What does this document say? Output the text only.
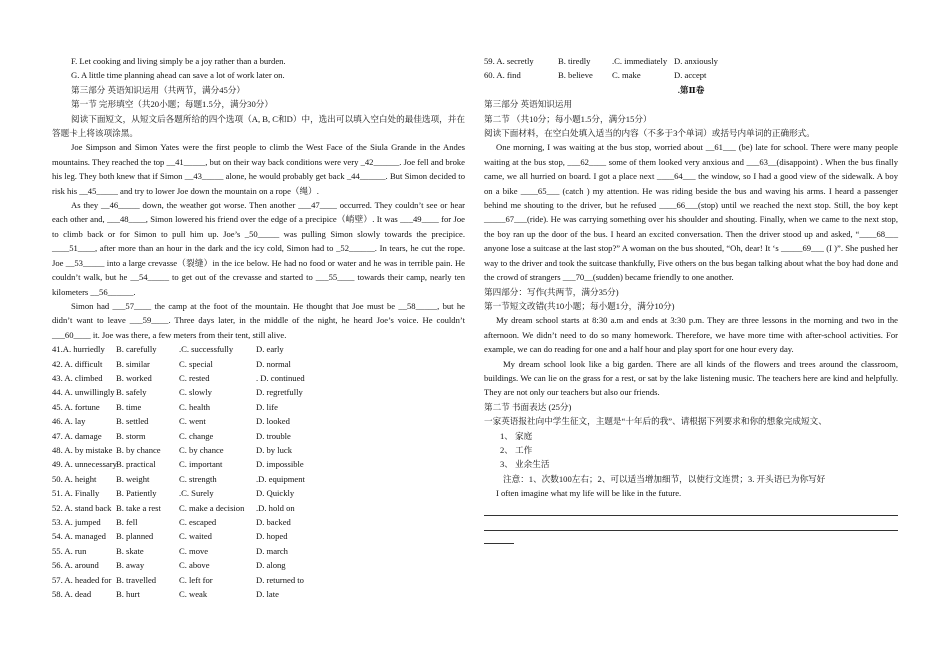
F. Let cooking and living simply be a joy rather than a burden.

G. A little time planning ahead can save a lot of work later on.

第三部分 英语知识运用（共两节，满分45分）

第一节 完形填空（共20小题；每题1.5分，满分30分）

阅读下面短文，从短文后各题所给的四个选项（A, B, C和D）中，选出可以填入空白处的最佳选项，并在答题卡上将该项涂黑。

Joe Simpson and Simon Yates were the first people to climb the West Face of the Siula Grande in the Andes mountains. They reached the top __41_____, but on their way back conditions were very _42______. Joe fell and broke his leg. They both knew that if Simon __43_____ alone, he would probably get back _44______. But Simon decided to risk his __45_____ and try to lower Joe down the mountain on a rope（绳）.

As they __46_____ down, the weather got worse. Then another ___47____ occurred. They couldn’t see or hear each other and, ___48____, Simon lowered his friend over the edge of a precipice（峭壁）. It was ___49____ for Joe to climb back or for Simon to pull him up. Joe’s _50_____ was pulling Simon slowly towards the precipice. ____51____, after more than an hour in the dark and the icy cold, Simon had to _52______. In tears, he cut the rope. Joe __53_____ into a large crevasse（裂缝）in the ice below. He had no food or water and he was in terrible pain. He couldn’t walk, but he __54_____ to get out of the crevasse and started to ___55____ towards their camp, nearly ten kilometers __56______.

Simon had ___57____ the camp at the foot of the mountain. He thought that Joe must be __58_____, but he didn’t want to leave ___59____. Three days later, in the middle of the night, he heard Joe’s voice. He couldn’t ___60____ it. Joe was there, a few meters from their tent, still alive.

41.A. hurriedly	B. carefully	.C. successfully	D. early
42. A. difficult	B. similar	C. special	D. normal
43. A. climbed	B. worked	C. rested	. D. continued
44. A. unwillingly B. safely	C. slowly	D. regretfully
45. A. fortune	B. time	C. health	D. life
46. A. lay	B. settled	C. went	D. looked
47. A. damage	B. storm	C. change	D. trouble
48. A. by mistake B. by chance	C. by chance	D. by luck
49. A. unnecessary B. practical	C. important	D. impossible
50. A. height	B. weight	C. strength	.D. equipment
51. A. Finally	B. Patiently	.C. Surely	D. Quickly
52. A. stand back B. take a rest	C. make a decision	.D. hold on
53. A. jumped	B. fell	C. escaped	D. backed
54. A. managed	B. planned	C. waited	D. hoped
55. A. run	B. skate	C. move	D. march
56. A. around	B. away	C. above	D. along
57. A. headed for B. travelled	C. left for	D. returned to
58. A. dead	B. hurt	C. weak	D. late
59. A. secretly	B. tiredly	.C. immediately D. anxiously
60. A. find	B. believe	C. make	D. accept

.第Ⅱ卷

第三部分 英语知识运用

第二节 （共10分；每小题1.5分，满分15分）

阅读下面材料，在空白处填入适当的内容（不多于3个单词）或括号内单词的正确形式。

One morning, I was waiting at the bus stop, worried about __61___ (be) late for school. There were many people waiting at the bus stop, ___62____ some of them looked very anxious and ___63__(disappoint) . When the bus finally came, we all hurried on board. I got a place next ____64___ the window, so I had a good view of the sidewalk. A boy on a bike ____65___ (catch ) my attention. He was riding beside the bus and waving his arms. I heard a passenger behind me shouting to the driver, but he refused ____66___(stop) until we reached the next stop. Still, the boy kept _____67___(ride). He was carrying something over his shoulder and shouting. Finally, when we came to the next stop, the boy ran up the door of the bus. I heard an excited conversation. Then the driver stood up and asked, “____68___ anyone lose a suitcase at the last stop?” A woman on the bus shouted, “Oh, dear! It ‘s _____69___ (I )”. She pushed her way to the driver and took the suitcase thankfully, Five others on the bus began talking about what the boy had done and the crowd of strangers ___70__(sudden) became friendly to one another.

第四部分：写作(共两节，满分35分)

第一节短文改错(共10小题；每小题1分，满分10分)

My dream school starts at 8:30 a.m and ends at 3:30 p.m. They are three lessons in the morning and two in the afternoon. We didn’t need to do so many homework. Therefore, we have more time with after-school activities. For example, we can do reading for one and a half hour and play sport for one hour every day.

My dream school look like a big garden. There are all kinds of the flowers and trees around the classroom, buildings. We can lie on the grass for a rest, or sat by the lake listening music. The teachers here are kind and helpfully. They are not only our teachers but also our friends.

第二节 书面表达 (25分)

一家英语报社向中学生征文，主题是“十年后的我”、请根据下列要求和你的想象完成短文、

1、 家庭

2、 工作

3、 业余生活

注意：1、次数100左右；2、可以适当增加细节，以使行文连贯；3. 开头语已为你写好

I often imagine what my life will be like in the future.
